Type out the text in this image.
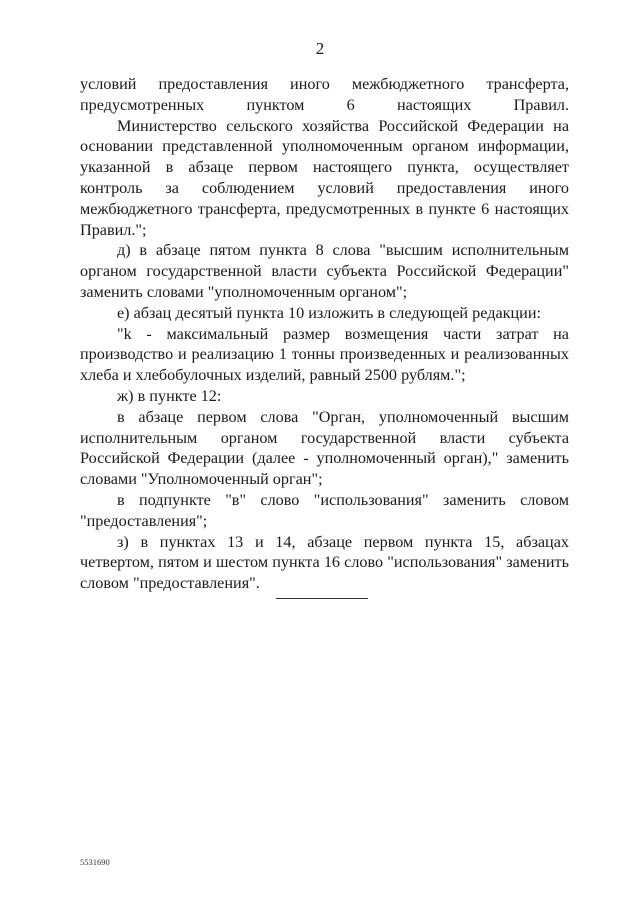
2

условий предоставления иного межбюджетного трансферта, предусмотренных пунктом 6 настоящих Правил.

Министерство сельского хозяйства Российской Федерации на основании представленной уполномоченным органом информации, указанной в абзаце первом настоящего пункта, осуществляет контроль за соблюдением условий предоставления иного межбюджетного трансферта, предусмотренных в пункте 6 настоящих Правил.";

д) в абзаце пятом пункта 8 слова "высшим исполнительным органом государственной власти субъекта Российской Федерации" заменить словами "уполномоченным органом";

е) абзац десятый пункта 10 изложить в следующей редакции:

"k - максимальный размер возмещения части затрат на производство и реализацию 1 тонны произведенных и реализованных хлеба и хлебобулочных изделий, равный 2500 рублям.";

ж) в пункте 12:

в абзаце первом слова "Орган, уполномоченный высшим исполнительным органом государственной власти субъекта Российской Федерации (далее - уполномоченный орган)," заменить словами "Уполномоченный орган";

в подпункте "в" слово "использования" заменить словом "предоставления";

з) в пунктах 13 и 14, абзаце первом пункта 15, абзацах четвертом, пятом и шестом пункта 16 слово "использования" заменить словом "предоставления".

5531690
